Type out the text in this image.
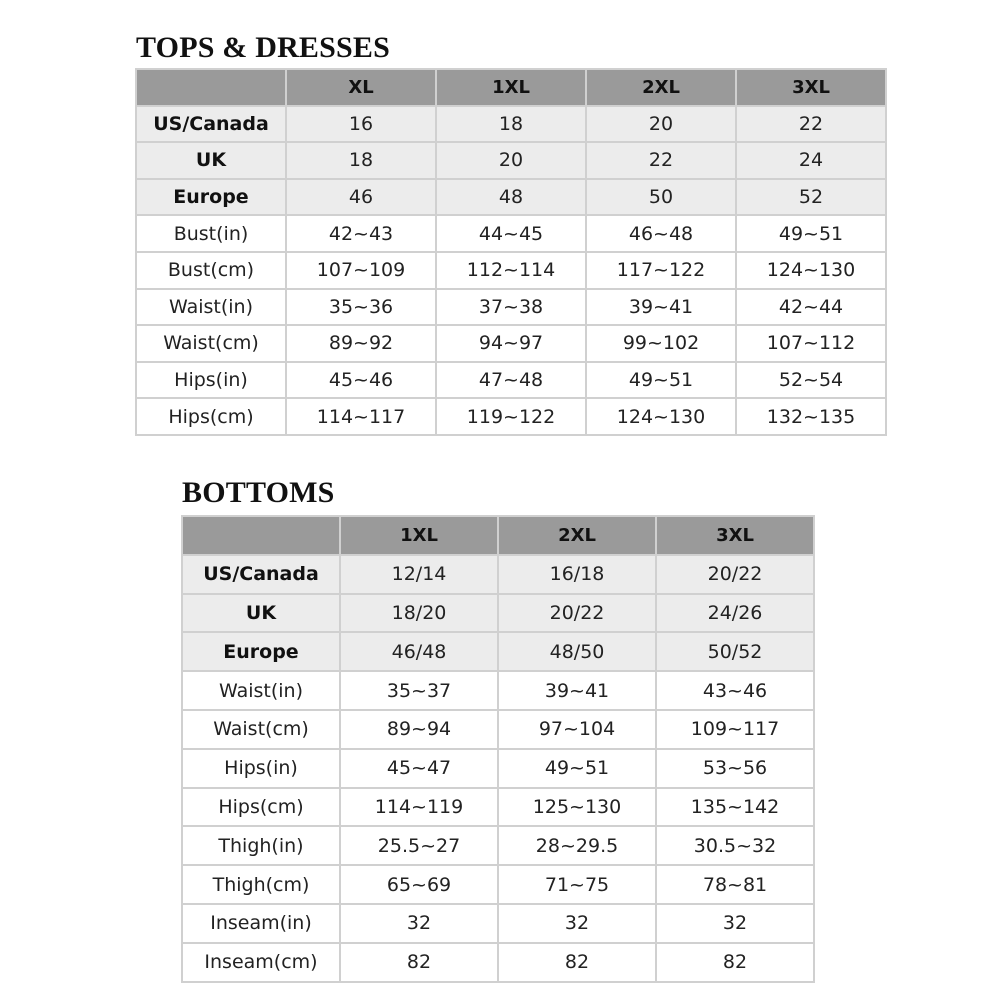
TOPS & DRESSES
	XL	1XL	2XL	3XL
US/Canada	16	18	20	22
UK	18	20	22	24
Europe	46	48	50	52
Bust(in)	42~43	44~45	46~48	49~51
Bust(cm)	107~109	112~114	117~122	124~130
Waist(in)	35~36	37~38	39~41	42~44
Waist(cm)	89~92	94~97	99~102	107~112
Hips(in)	45~46	47~48	49~51	52~54
Hips(cm)	114~117	119~122	124~130	132~135
BOTTOMS
	1XL	2XL	3XL
US/Canada	12/14	16/18	20/22
UK	18/20	20/22	24/26
Europe	46/48	48/50	50/52
Waist(in)	35~37	39~41	43~46
Waist(cm)	89~94	97~104	109~117
Hips(in)	45~47	49~51	53~56
Hips(cm)	114~119	125~130	135~142
Thigh(in)	25.5~27	28~29.5	30.5~32
Thigh(cm)	65~69	71~75	78~81
Inseam(in)	32	32	32
Inseam(cm)	82	82	82
